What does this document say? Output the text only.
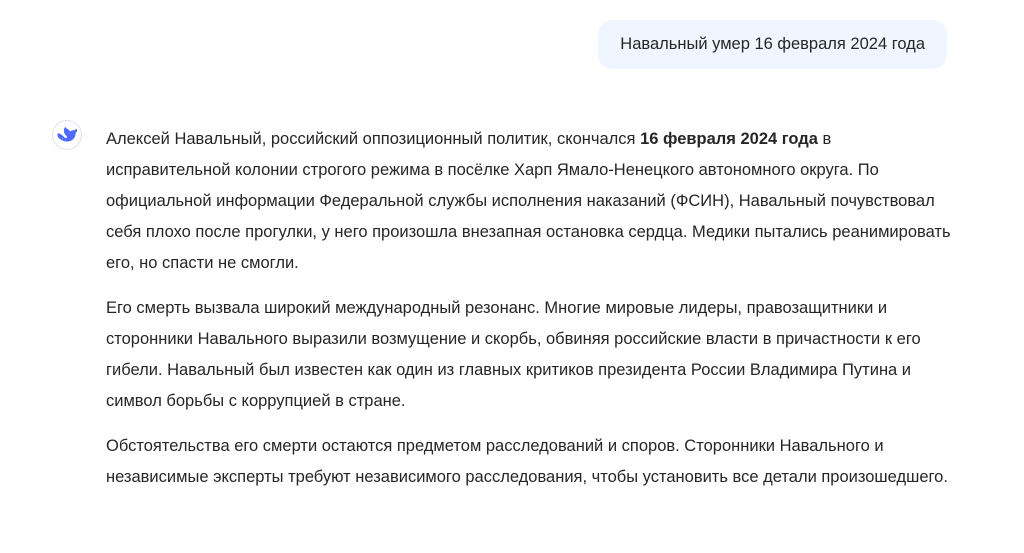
Навальный умер 16 февраля 2024 года

Алексей Навальный, российский оппозиционный политик, скончался 16 февраля 2024 года в исправительной колонии строгого режима в посёлке Харп Ямало-Ненецкого автономного округа. По официальной информации Федеральной службы исполнения наказаний (ФСИН), Навальный почувствовал себя плохо после прогулки, у него произошла внезапная остановка сердца. Медики пытались реанимировать его, но спасти не смогли.

Его смерть вызвала широкий международный резонанс. Многие мировые лидеры, правозащитники и сторонники Навального выразили возмущение и скорбь, обвиняя российские власти в причастности к его гибели. Навальный был известен как один из главных критиков президента России Владимира Путина и символ борьбы с коррупцией в стране.

Обстоятельства его смерти остаются предметом расследований и споров. Сторонники Навального и независимые эксперты требуют независимого расследования, чтобы установить все детали произошедшего.
